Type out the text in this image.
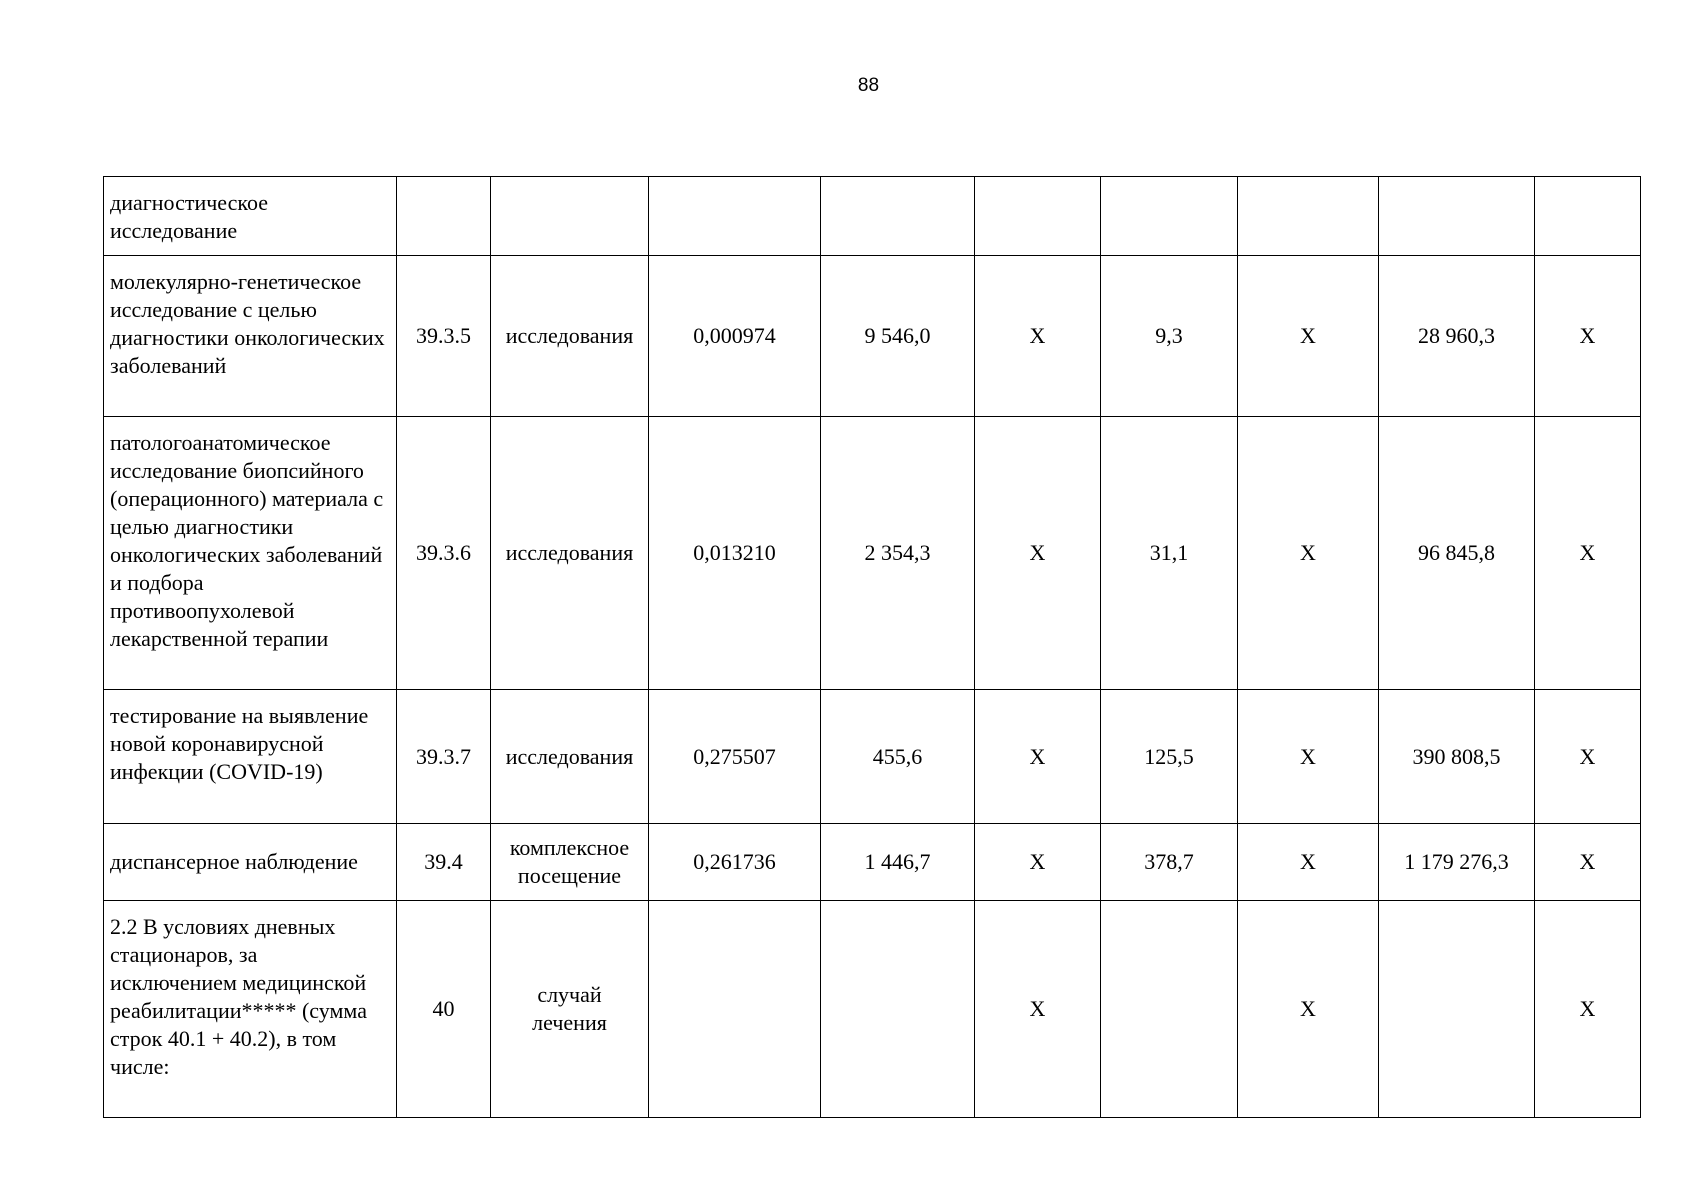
88
диагностическое исследование									

молекулярно-генетическое исследование с целью диагностики онкологических заболеваний	39.3.5	исследования	0,000974	9 546,0	X	9,3	X	28 960,3	X

патологоанатомическое исследование биопсийного (операционного) материала с целью диагностики онкологических заболеваний и подбора противоопухолевой лекарственной терапии	39.3.6	исследования	0,013210	2 354,3	X	31,1	X	96 845,8	X

тестирование на выявление новой коронавирусной инфекции (COVID-19)	39.3.7	исследования	0,275507	455,6	X	125,5	X	390 808,5	X

диспансерное наблюдение	39.4	комплексное посещение	0,261736	1 446,7	X	378,7	X	1 179 276,3	X

2.2 В условиях дневных стационаров, за исключением медицинской реабилитации***** (сумма строк 40.1 + 40.2), в том числе:	40	случай лечения			X		X		X
